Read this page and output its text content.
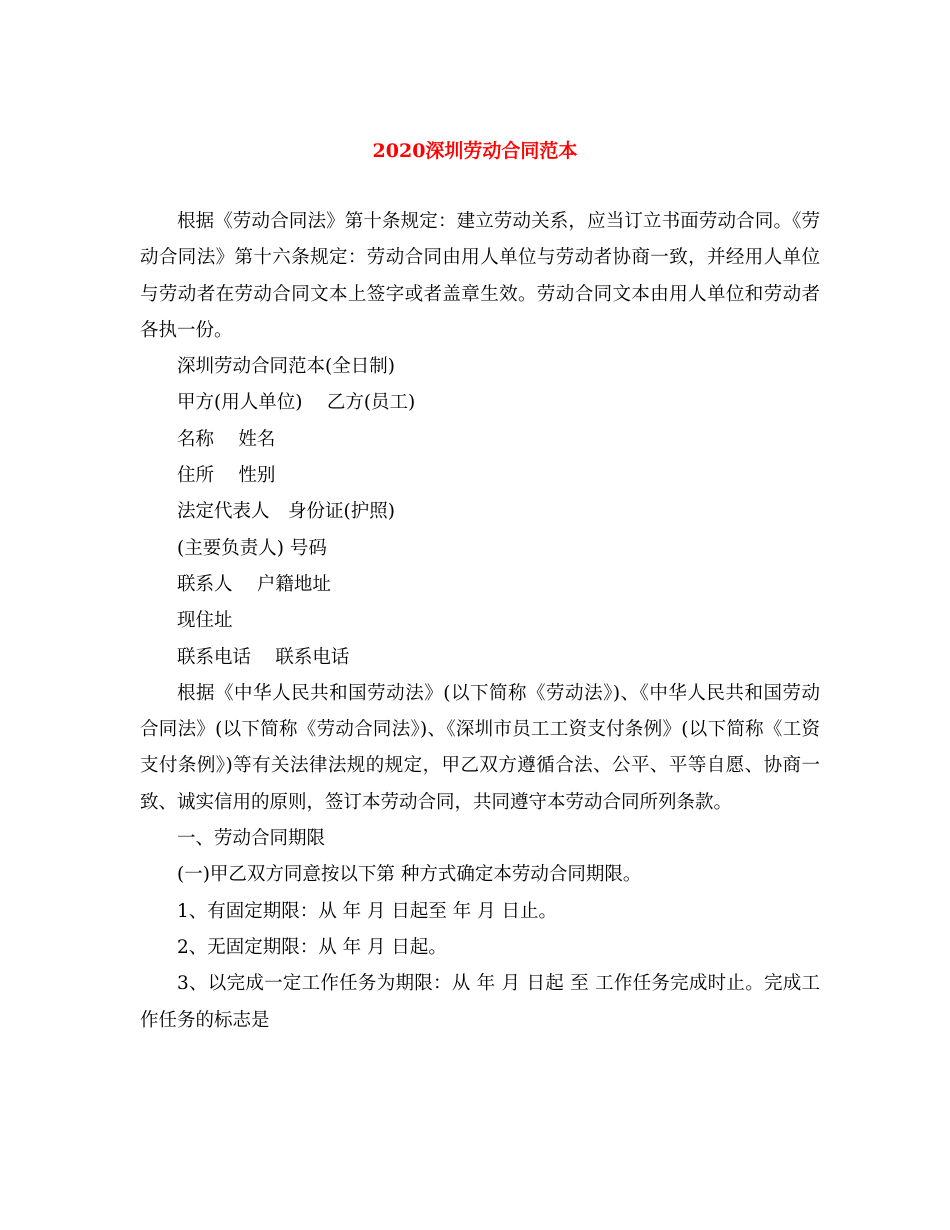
2020深圳劳动合同范本

根据《劳动合同法》第十条规定：建立劳动关系，应当订立书面劳动合同。《劳动合同法》第十六条规定：劳动合同由用人单位与劳动者协商一致，并经用人单位与劳动者在劳动合同文本上签字或者盖章生效。劳动合同文本由用人单位和劳动者各执一份。

深圳劳动合同范本(全日制)

甲方(用人单位)　 乙方(员工)

名称　 姓名

住所　 性别

法定代表人　身份证(护照)

(主要负责人) 号码

联系人　 户籍地址

现住址

联系电话　 联系电话

根据《中华人民共和国劳动法》(以下简称《劳动法》)、《中华人民共和国劳动合同法》(以下简称《劳动合同法》)、《深圳市员工工资支付条例》(以下简称《工资支付条例》)等有关法律法规的规定，甲乙双方遵循合法、公平、平等自愿、协商一致、诚实信用的原则，签订本劳动合同，共同遵守本劳动合同所列条款。

一、劳动合同期限

(一)甲乙双方同意按以下第 种方式确定本劳动合同期限。

1、有固定期限：从 年 月 日起至 年 月 日止。

2、无固定期限：从 年 月 日起。

3、以完成一定工作任务为期限：从 年 月 日起 至 工作任务完成时止。完成工作任务的标志是
